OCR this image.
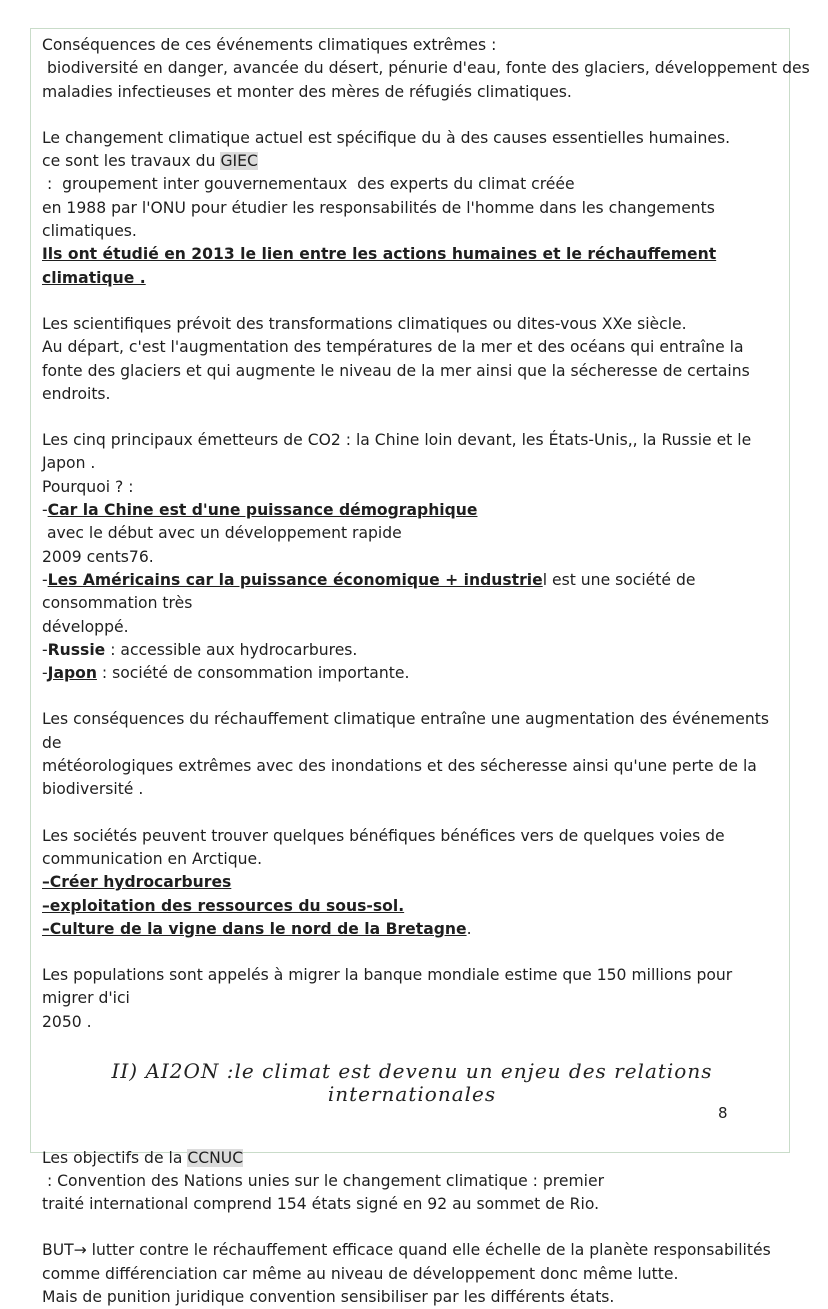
Conséquences de ces événements climatiques extrêmes :

biodiversité en danger, avancée du désert, pénurie d'eau, fonte des glaciers, développement des

maladies infectieuses et monter des mères de réfugiés climatiques.

Le changement climatique actuel est spécifique du à des causes essentielles humaines.

ce sont les travaux du GIEC :  groupement inter gouvernementaux  des experts du climat créée

en 1988 par l'ONU pour étudier les responsabilités de l'homme dans les changements climatiques.

Ils ont étudié en 2013 le lien entre les actions humaines et le réchauffement climatique .

Les scientifiques prévoit des transformations climatiques ou dites-vous XXe siècle.

Au départ, c'est l'augmentation des températures de la mer et des océans qui entraîne la

fonte des glaciers et qui augmente le niveau de la mer ainsi que la sécheresse de certains

endroits.

Les cinq principaux émetteurs de CO2 : la Chine loin devant, les États-Unis,, la Russie et le Japon .

Pourquoi ? :

-Car la Chine est d'une puissance démographique avec le début avec un développement rapide

2009 cents76.

-Les Américains car la puissance économique + industriel est une société de consommation très

développé.

-Russie : accessible aux hydrocarbures.

-Japon : société de consommation importante.

Les conséquences du réchauffement climatique entraîne une augmentation des événements de

météorologiques extrêmes avec des inondations et des sécheresse ainsi qu'une perte de la

biodiversité .

Les sociétés peuvent trouver quelques bénéfiques bénéfices vers de quelques voies de

communication en Arctique.

–Créer hydrocarbures

–exploitation des ressources du sous-sol.

–Culture de la vigne dans le nord de la Bretagne.

Les populations sont appelés à migrer la banque mondiale estime que 150 millions pour migrer d'ici

2050 .

II) AI2ON :le climat est devenu un enjeu des relations internationales

Les objectifs de la CCNUC : Convention des Nations unies sur le changement climatique : premier

traité international comprend 154 états signé en 92 au sommet de Rio.

BUT→ lutter contre le réchauffement efficace quand elle échelle de la planète responsabilités

comme différenciation car même au niveau de développement donc même lutte.

Mais de punition juridique convention sensibiliser par les différents états.

8
